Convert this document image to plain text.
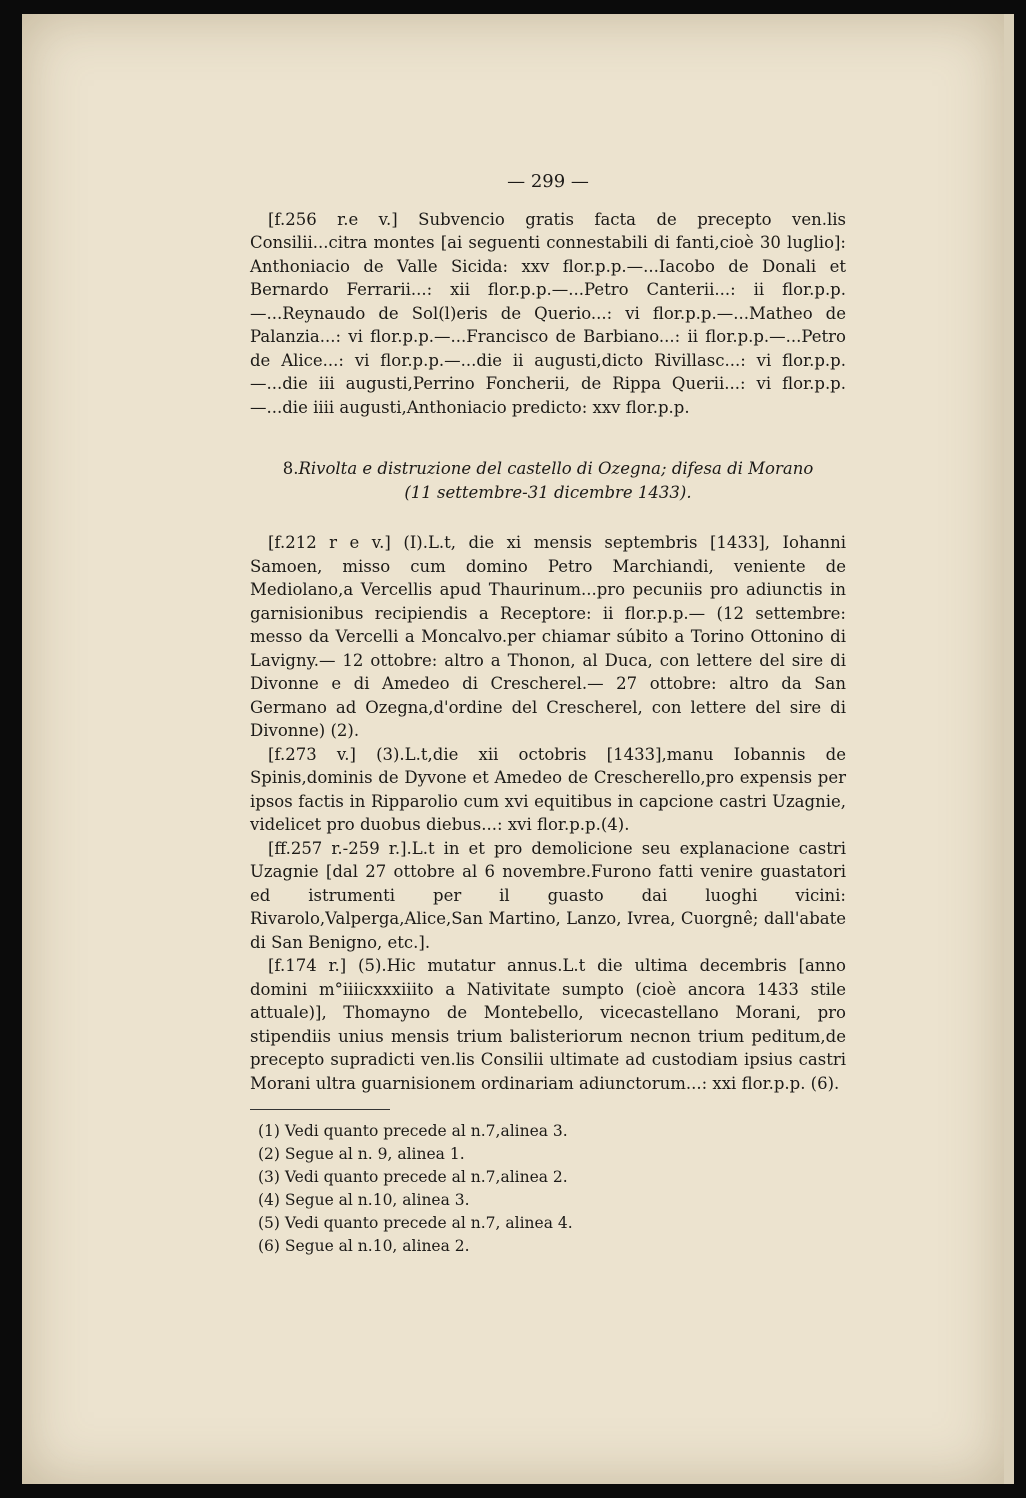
— 299 —

[f.256 r.e v.] Subvencio gratis facta de precepto ven.lis Consilii...citra montes [ai seguenti connestabili di fanti,cioè 30 luglio]: Anthoniacio de Valle Sicida: xxv flor.p.p.—...Iacobo de Donali et Bernardo Ferrarii...: xii flor.p.p.—...Petro Canterii...: ii flor.p.p.—...Reynaudo de Sol(l)eris de Querio...: vi flor.p.p.—...Matheo de Palanzia...: vi flor.p.p.—...Francisco de Barbiano...: ii flor.p.p.—...Petro de Alice...: vi flor.p.p.—...die ii augusti,dicto Rivillasc...: vi flor.p.p.—...die iii augusti,Perrino Foncherii, de Rippa Querii...: vi flor.p.p.—...die iiii augusti,Anthoniacio predicto: xxv flor.p.p.

8.Rivolta e distruzione del castello di Ozegna; difesa di Morano
(11 settembre-31 dicembre 1433).

[f.212 r e v.] (I).L.t, die xi mensis septembris [1433], Iohanni Samoen, misso cum domino Petro Marchiandi, veniente de Mediolano,a Vercellis apud Thaurinum...pro pecuniis pro adiunctis in garnisionibus recipiendis a Receptore: ii flor.p.p.— (12 settembre: messo da Vercelli a Moncalvo.per chiamar súbito a Torino Ottonino di Lavigny.— 12 ottobre: altro a Thonon, al Duca, con lettere del sire di Divonne e di Amedeo di Crescherel.— 27 ottobre: altro da San Germano ad Ozegna,d'ordine del Crescherel, con lettere del sire di Divonne) (2).

[f.273 v.] (3).L.t,die xii octobris [1433],manu Iobannis de Spinis,dominis de Dyvone et Amedeo de Crescherello,pro expensis per ipsos factis in Ripparolio cum xvi equitibus in capcione castri Uzagnie, videlicet pro duobus diebus...: xvi flor.p.p.(4).

[ff.257 r.-259 r.].L.t in et pro demolicione seu explanacione castri Uzagnie [dal 27 ottobre al 6 novembre.Furono fatti venire guastatori ed istrumenti per il guasto dai luoghi vicini: Rivarolo,Valperga,Alice,San Martino, Lanzo, Ivrea, Cuorgnê; dall'abate di San Benigno, etc.].

[f.174 r.] (5).Hic mutatur annus.L.t die ultima decembris [anno domini m°iiiicxxxiiito a Nativitate sumpto (cioè ancora 1433 stile attuale)], Thomayno de Montebello, vicecastellano Morani, pro stipendiis unius mensis trium balisteriorum necnon trium peditum,de precepto supradicti ven.lis Consilii ultimate ad custodiam ipsius castri Morani ultra guarnisionem ordinariam adiunctorum...: xxi flor.p.p. (6).

(1) Vedi quanto precede al n.7,alinea 3.
(2) Segue al n. 9, alinea 1.
(3) Vedi quanto precede al n.7,alinea 2.
(4) Segue al n.10, alinea 3.
(5) Vedi quanto precede al n.7, alinea 4.
(6) Segue al n.10, alinea 2.
